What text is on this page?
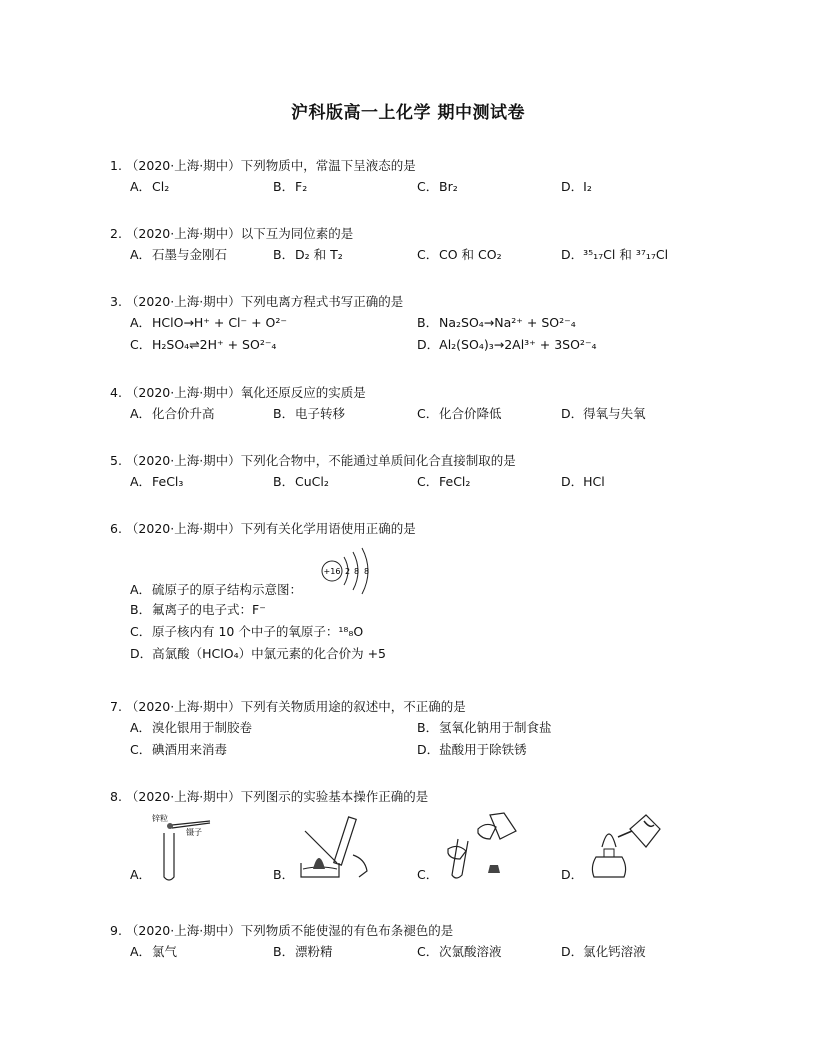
沪科版高一上化学 期中测试卷
1. （2020·上海·期中）下列物质中，常温下呈液态的是
A．Cl₂	B．F₂	C．Br₂	D．I₂
2. （2020·上海·期中）以下互为同位素的是
A．石墨与金刚石	B．D₂ 和 T₂	C．CO 和 CO₂	D．³⁵₁₇Cl 和 ³⁷₁₇Cl
3. （2020·上海·期中）下列电离方程式书写正确的是
A．HClO→H⁺ + Cl⁻ + O²⁻	B．Na₂SO₄→Na²⁺ + SO²⁻₄
C．H₂SO₄⇌2H⁺ + SO²⁻₄	D．Al₂(SO₄)₃→2Al³⁺ + 3SO²⁻₄
4. （2020·上海·期中）氧化还原反应的实质是
A．化合价升高	B．电子转移	C．化合价降低	D．得氧与失氧
5. （2020·上海·期中）下列化合物中，不能通过单质间化合直接制取的是
A．FeCl₃	B．CuCl₂	C．FeCl₂	D．HCl
6. （2020·上海·期中）下列有关化学用语使用正确的是
A．硫原子的原子结构示意图：
+16 2 8 8
B．氟离子的电子式：F⁻
C．原子核内有 10 个中子的氧原子：¹⁸₈O
D．高氯酸（HClO₄）中氯元素的化合价为 +5
7. （2020·上海·期中）下列有关物质用途的叙述中，不正确的是
A．溴化银用于制胶卷	B．氢氧化钠用于制食盐
C．碘酒用来消毒	D．盐酸用于除铁锈
8. （2020·上海·期中）下列图示的实验基本操作正确的是
A．
锌粒
镊子
B．	C．	D．
9. （2020·上海·期中）下列物质不能使湿的有色布条褪色的是
A．氯气	B．漂粉精	C．次氯酸溶液	D．氯化钙溶液
